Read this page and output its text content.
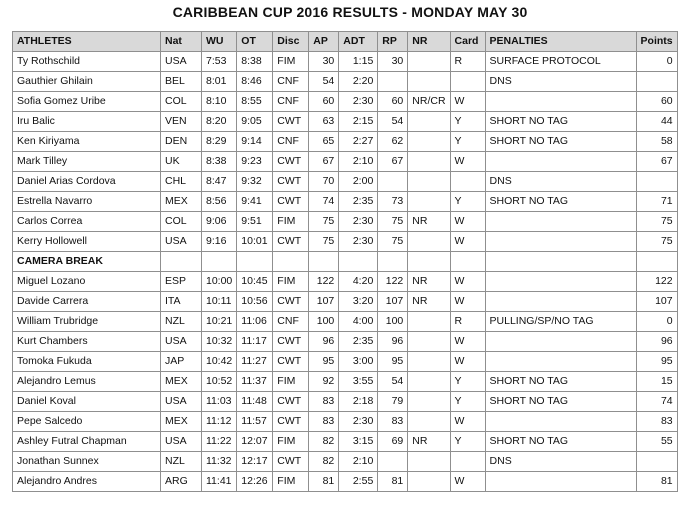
CARIBBEAN CUP 2016 RESULTS - MONDAY MAY 30
ATHLETES	Nat	WU	OT	Disc	AP	ADT	RP	NR	Card	PENALTIES	Points
Ty Rothschild	USA	7:53	8:38	FIM	30	1:15	30		R	SURFACE PROTOCOL	0
Gauthier Ghilain	BEL	8:01	8:46	CNF	54	2:20				DNS	
Sofia Gomez Uribe	COL	8:10	8:55	CNF	60	2:30	60	NR/CR	W		60
Iru Balic	VEN	8:20	9:05	CWT	63	2:15	54		Y	SHORT NO TAG	44
Ken Kiriyama	DEN	8:29	9:14	CNF	65	2:27	62		Y	SHORT NO TAG	58
Mark Tilley	UK	8:38	9:23	CWT	67	2:10	67		W		67
Daniel Arias Cordova	CHL	8:47	9:32	CWT	70	2:00				DNS	
Estrella Navarro	MEX	8:56	9:41	CWT	74	2:35	73		Y	SHORT NO TAG	71
Carlos Correa	COL	9:06	9:51	FIM	75	2:30	75	NR	W		75
Kerry Hollowell	USA	9:16	10:01	CWT	75	2:30	75		W		75
CAMERA BREAK											
Miguel Lozano	ESP	10:00	10:45	FIM	122	4:20	122	NR	W		122
Davide Carrera	ITA	10:11	10:56	CWT	107	3:20	107	NR	W		107
William Trubridge	NZL	10:21	11:06	CNF	100	4:00	100		R	PULLING/SP/NO TAG	0
Kurt Chambers	USA	10:32	11:17	CWT	96	2:35	96		W		96
Tomoka Fukuda	JAP	10:42	11:27	CWT	95	3:00	95		W		95
Alejandro Lemus	MEX	10:52	11:37	FIM	92	3:55	54		Y	SHORT NO TAG	15
Daniel Koval	USA	11:03	11:48	CWT	83	2:18	79		Y	SHORT NO TAG	74
Pepe Salcedo	MEX	11:12	11:57	CWT	83	2:30	83		W		83
Ashley Futral Chapman	USA	11:22	12:07	FIM	82	3:15	69	NR	Y	SHORT NO TAG	55
Jonathan Sunnex	NZL	11:32	12:17	CWT	82	2:10				DNS	
Alejandro Andres	ARG	11:41	12:26	FIM	81	2:55	81		W		81
